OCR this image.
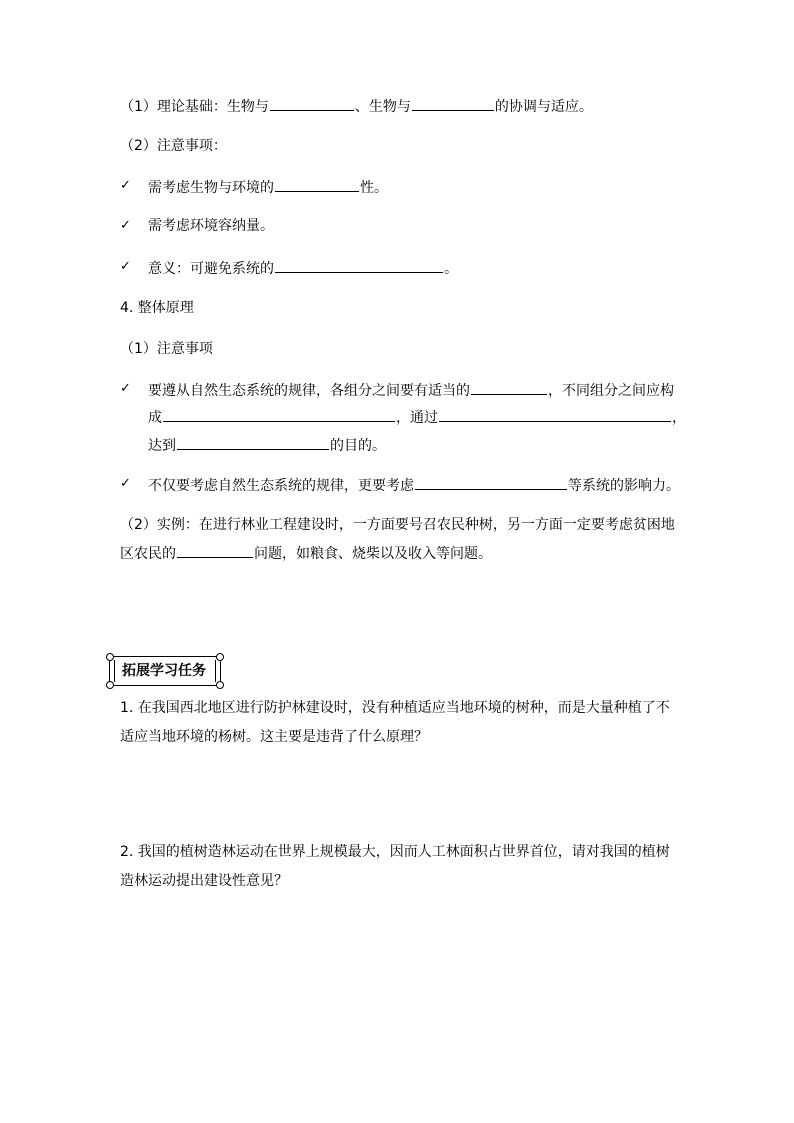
（1）理论基础：生物与	、生物与	的协调与适应。
（2）注意事项：
✓	需考虑生物与环境的	性。
✓	需考虑环境容纳量。
✓	意义：可避免系统的	。
4. 整体原理
（1）注意事项
✓	要遵从自然生态系统的规律，各组分之间要有适当的	，不同组分之间应构
成	，通过	，
达到	的目的。
✓	不仅要考虑自然生态系统的规律，更要考虑	等系统的影响力。
（2）实例：在进行林业工程建设时，一方面要号召农民种树，另一方面一定要考虑贫困地
区农民的	问题，如粮食、烧柴以及收入等问题。
拓展学习任务
1. 在我国西北地区进行防护林建设时，没有种植适应当地环境的树种，而是大量种植了不
适应当地环境的杨树。这主要是违背了什么原理？
2. 我国的植树造林运动在世界上规模最大，因而人工林面积占世界首位，请对我国的植树
造林运动提出建设性意见？
